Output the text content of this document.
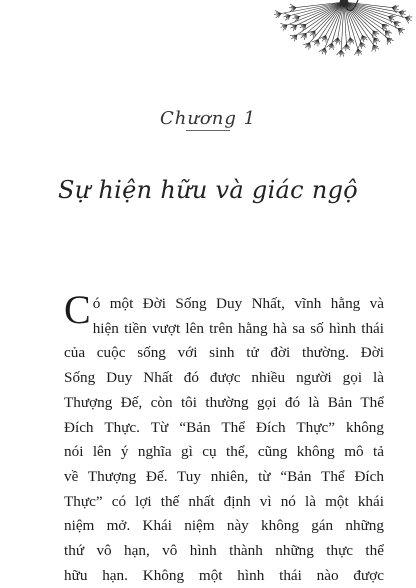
Chương 1
Sự hiện hữu và giác ngộ
C ó một Đời Sống Duy Nhất, vĩnh hằng và
hiện tiền vượt lên trên hằng hà sa số hình thái
của cuộc sống với sinh tử đời thường. Đời
Sống Duy Nhất đó được nhiều người gọi là
Thượng Đế, còn tôi thường gọi đó là Bản Thể
Đích Thực. Từ “Bản Thể Đích Thực” không
nói lên ý nghĩa gì cụ thể, cũng không mô tả
về Thượng Đế. Tuy nhiên, từ “Bản Thể Đích
Thực” có lợi thế nhất định vì nó là một khái
niệm mở. Khái niệm này không gán những
thứ vô hạn, vô hình thành những thực thể
hữu hạn. Không một hình thái nào được
